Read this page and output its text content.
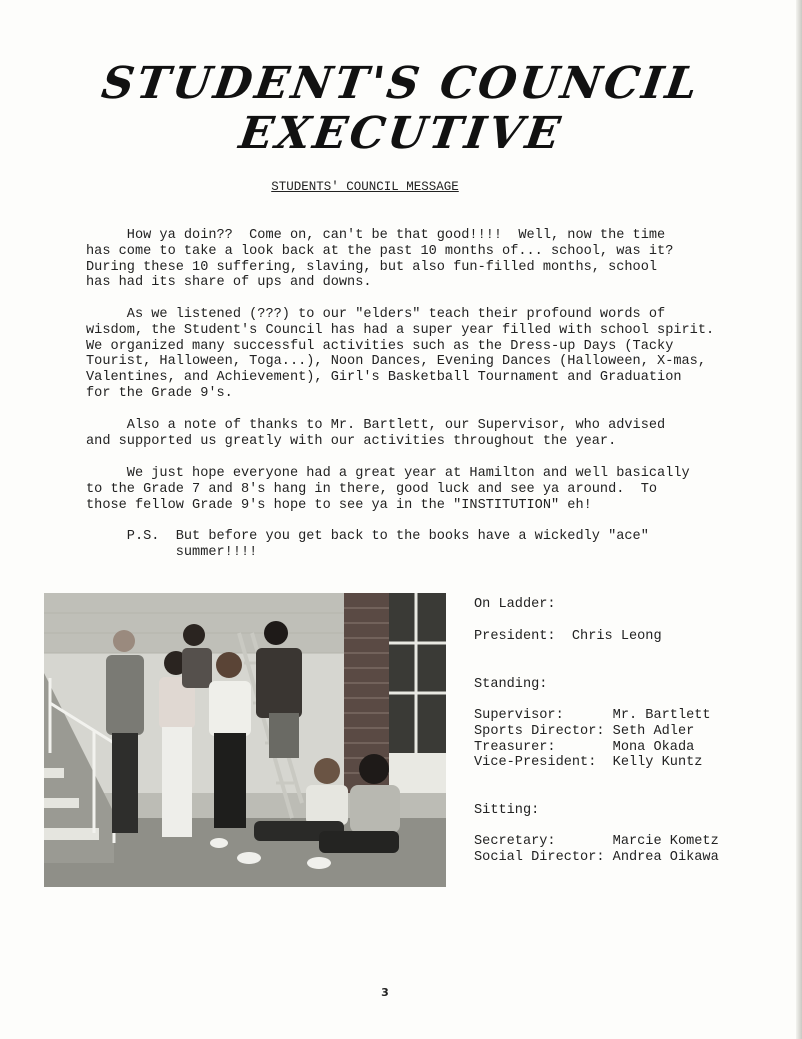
STUDENT'S COUNCIL
EXECUTIVE
STUDENTS' COUNCIL MESSAGE
How ya doin??  Come on, can't be that good!!!!  Well, now the time
has come to take a look back at the past 10 months of... school, was it?
During these 10 suffering, slaving, but also fun-filled months, school
has had its share of ups and downs.
As we listened (???) to our "elders" teach their profound words of
wisdom, the Student's Council has had a super year filled with school spirit.
We organized many successful activities such as the Dress-up Days (Tacky
Tourist, Halloween, Toga...), Noon Dances, Evening Dances (Halloween, X-mas,
Valentines, and Achievement), Girl's Basketball Tournament and Graduation
for the Grade 9's.
Also a note of thanks to Mr. Bartlett, our Supervisor, who advised
and supported us greatly with our activities throughout the year.
We just hope everyone had a great year at Hamilton and well basically
to the Grade 7 and 8's hang in there, good luck and see ya around.  To
those fellow Grade 9's hope to see ya in the "INSTITUTION" eh!
P.S.  But before you get back to the books have a wickedly "ace"
summer!!!!
On Ladder:
President:  Chris Leong
Standing:
Supervisor:      Mr. Bartlett
Sports Director: Seth Adler
Treasurer:       Mona Okada
Vice-President:  Kelly Kuntz
Sitting:
Secretary:       Marcie Kometz
Social Director: Andrea Oikawa
3
